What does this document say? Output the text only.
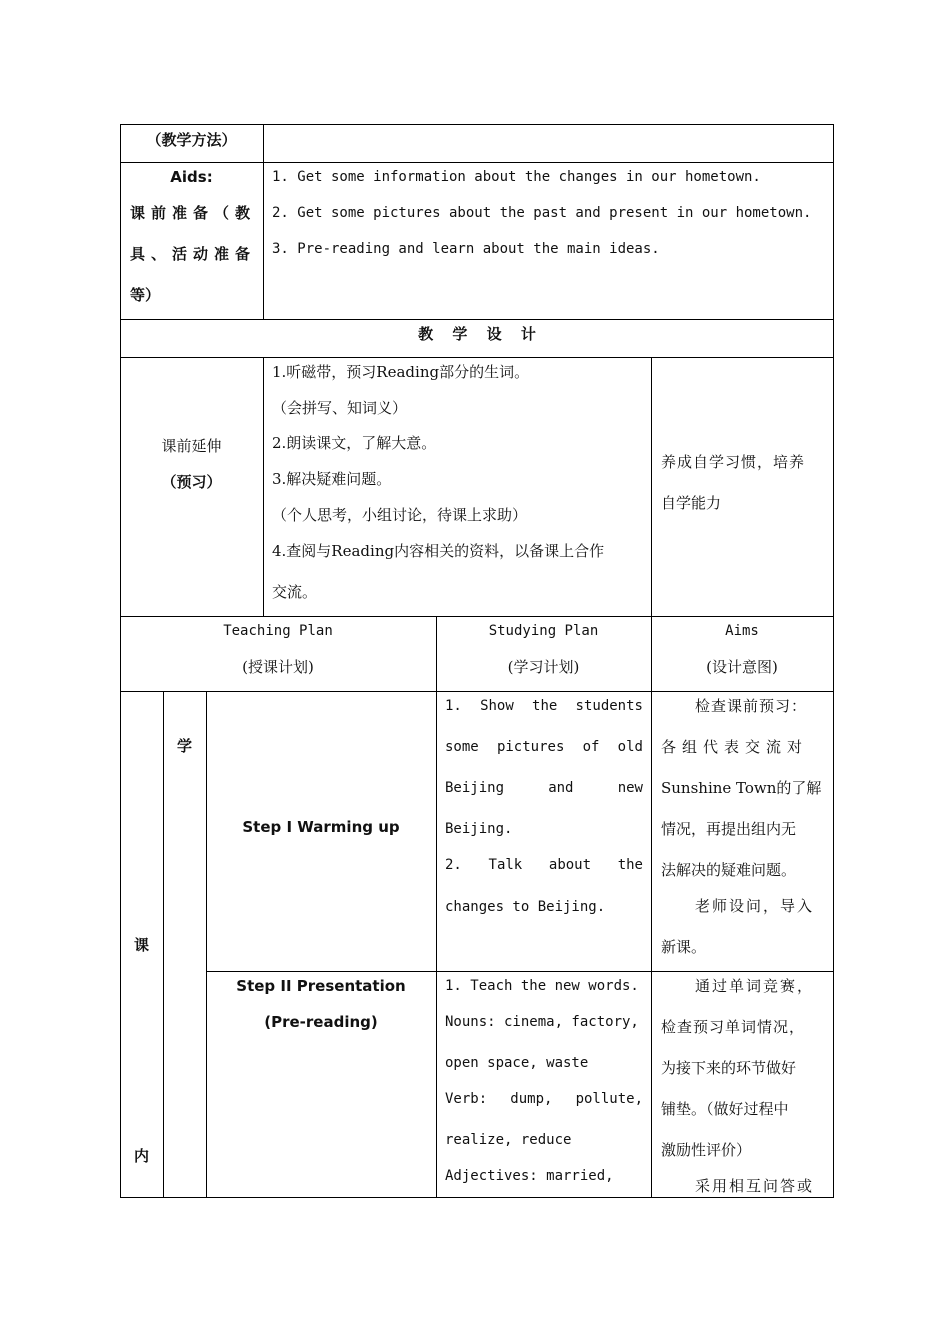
（教学方法）
Aids:
课前准备（教
具、活动准备
等）
1. Get some information about the changes in our hometown.
2. Get some pictures about the past and present in our hometown.
3. Pre-reading and learn about the main ideas.
教 学 设 计
课前延伸
（预习）
1.听磁带，预习Reading部分的生词。
（会拼写、知词义）
2.朗读课文，了解大意。
3.解决疑难问题。
（个人思考，小组讨论，待课上求助）
4.查阅与Reading内容相关的资料，以备课上合作
交流。
养成自学习惯，培养
自学能力
Teaching Plan
(授课计划)
Studying Plan
(学习计划)
Aims
(设计意图)
课
内
学
Step I Warming up
1. Show the students
some pictures of old
Beijing	and	new
Beijing.
2. Talk about the
changes to Beijing.
检查课前预习：
各组代表交流对
Sunshine Town的了解
情况，再提出组内无
法解决的疑难问题。
老师设问，导入
新课。
Step II Presentation
(Pre-reading)
1. Teach the new words.
Nouns: cinema, factory,
open space, waste
Verb: dump, pollute,
realize, reduce
Adjectives: married,
通过单词竞赛，
检查预习单词情况，
为接下来的环节做好
铺垫。（做好过程中
激励性评价）
采用相互问答或
